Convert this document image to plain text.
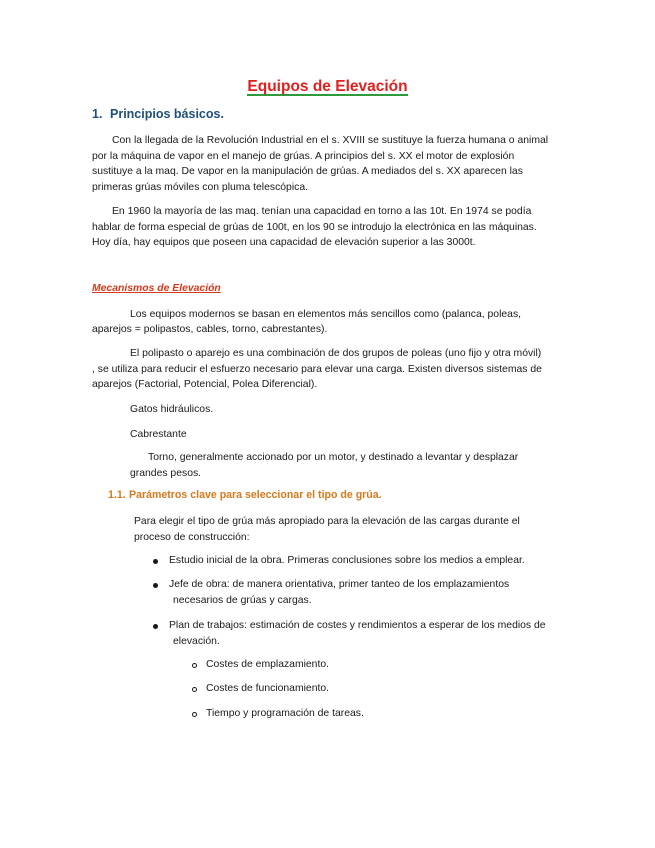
Equipos de Elevación
1. Principios básicos.
Con la llegada de la Revolución Industrial en el s. XVIII se sustituye la fuerza humana o animal
por la máquina de vapor en el manejo de grúas. A principios del s. XX el motor de explosión
sustituye a la maq. De vapor en la manipulación de grúas. A mediados del s. XX aparecen las
primeras grúas móviles con pluma telescópica.
En 1960 la mayoría de las maq. tenían una capacidad en torno a las 10t. En 1974 se podía
hablar de forma especial de grúas de 100t, en los 90 se introdujo la electrónica en las máquinas.
Hoy día, hay equipos que poseen una capacidad de elevación superior a las 3000t.
Mecanismos de Elevación
Los equipos modernos se basan en elementos más sencillos como (palanca, poleas,
aparejos = polipastos, cables, torno, cabrestantes).
El polipasto o aparejo es una combinación de dos grupos de poleas (uno fijo y otra móvil)
, se utiliza para reducir el esfuerzo necesario para elevar una carga. Existen diversos sistemas de
aparejos (Factorial, Potencial, Polea Diferencial).
Gatos hidráulicos.
Cabrestante
Torno, generalmente accionado por un motor, y destinado a levantar y desplazar
grandes pesos.
1.1. Parámetros clave para seleccionar el tipo de grúa.
Para elegir el tipo de grúa más apropiado para la elevación de las cargas durante el
proceso de construcción:
Estudio inicial de la obra. Primeras conclusiones sobre los medios a emplear.
Jefe de obra: de manera orientativa, primer tanteo de los emplazamientos
necesarios de grúas y cargas.
Plan de trabajos: estimación de costes y rendimientos a esperar de los medios de
elevación.
Costes de emplazamiento.
Costes de funcionamiento.
Tiempo y programación de tareas.
